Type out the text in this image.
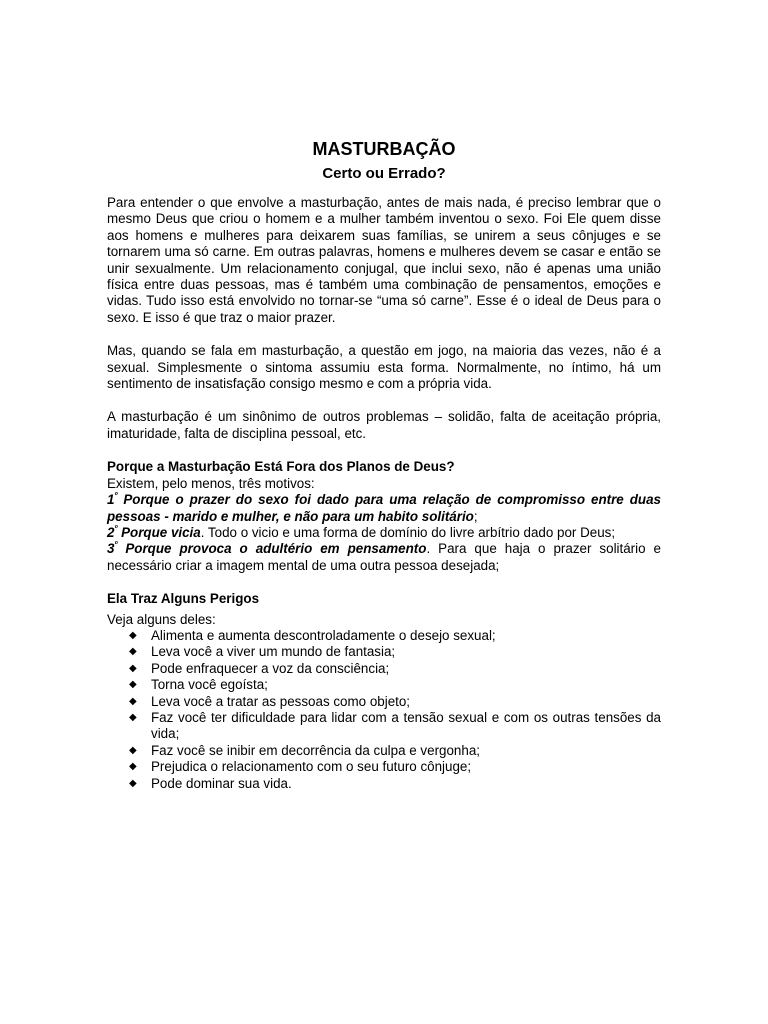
MASTURBAÇÃO
Certo ou Errado?

Para entender o que envolve a masturbação, antes de mais nada, é preciso lembrar que o mesmo Deus que criou o homem e a mulher também inventou o sexo. Foi Ele quem disse aos homens e mulheres para deixarem suas famílias, se unirem a seus cônjuges e se tornarem uma só carne. Em outras palavras, homens e mulheres devem se casar e então se unir sexualmente. Um relacionamento conjugal, que inclui sexo, não é apenas uma união física entre duas pessoas, mas é também uma combinação de pensamentos, emoções e vidas. Tudo isso está envolvido no tornar-se “uma só carne”. Esse é o ideal de Deus para o sexo. E isso é que traz o maior prazer.

Mas, quando se fala em masturbação, a questão em jogo, na maioria das vezes, não é a sexual. Simplesmente o sintoma assumiu esta forma. Normalmente, no íntimo, há um sentimento de insatisfação consigo mesmo e com a própria vida.

A masturbação é um sinônimo de outros problemas – solidão, falta de aceitação própria, imaturidade, falta de disciplina pessoal, etc.

Porque a Masturbação Está Fora dos Planos de Deus?

Existem, pelo menos, três motivos:

$1^º$ Porque o prazer do sexo foi dado para uma relação de compromisso entre duas pessoas - marido e mulher, e não para um habito solitário;

$2^º$ Porque vicia. Todo o vicio e uma forma de domínio do livre arbítrio dado por Deus;

$3^º$ Porque provoca o adultério em pensamento. Para que haja o prazer solitário e necessário criar a imagem mental de uma outra pessoa desejada;

Ela Traz Alguns Perigos

Veja alguns deles:

◆ Alimenta e aumenta descontroladamente o desejo sexual;
◆ Leva você a viver um mundo de fantasia;
◆ Pode enfraquecer a voz da consciência;
◆ Torna você egoísta;
◆ Leva você a tratar as pessoas como objeto;
◆ Faz você ter dificuldade para lidar com a tensão sexual e com os outras tensões da vida;
◆ Faz você se inibir em decorrência da culpa e vergonha;
◆ Prejudica o relacionamento com o seu futuro cônjuge;
◆ Pode dominar sua vida.
